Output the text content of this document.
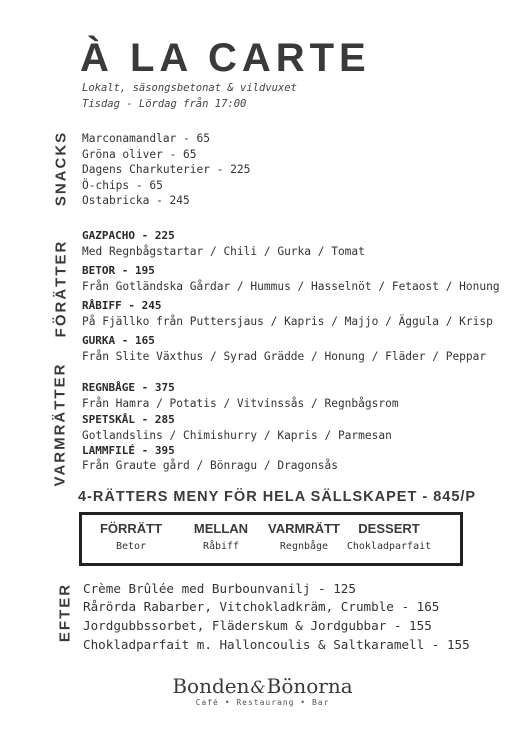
À LA CARTE
Lokalt, säsongsbetonat & vildvuxet
Tisdag - Lördag från 17:00
SNACKS Marconamandlar - 65
Gröna oliver - 65
Dagens Charkuterier - 225
Ö-chips - 65
Ostabricka - 245
FÖRÄTTER
GAZPACHO - 225
Med Regnbågstartar / Chili / Gurka / Tomat
BETOR - 195
Från Gotländska Gårdar / Hummus / Hasselnöt / Fetaost / Honung
RÅBIFF - 245
På Fjällko från Puttersjaus / Kapris / Majjo / Äggula / Krisp
GURKA - 165
Från Slite Växthus / Syrad Grädde / Honung / Fläder / Peppar
VARMRÄTTER REGNBÅGE - 375
Från Hamra / Potatis / Vitvinssås / Regnbågsrom
SPETSKÅL - 285
Gotlandslins / Chimishurry / Kapris / Parmesan
LAMMFILÉ - 395
Från Graute gård / Bönragu / Dragonsås
4-RÄTTERS MENY FÖR HELA SÄLLSKAPET - 845/P
FÖRRÄTT
Betor
MELLAN
Råbiff
VARMRÄTT
Regnbåge
DESSERT
Chokladparfait
EFTER Crème Brûlée med Burbounvanilj - 125
Rårörda Rabarber, Vitchokladkräm, Crumble - 165
Jordgubbssorbet, Fläderskum & Jordgubbar - 155
Chokladparfait m. Halloncoulis & Saltkaramell - 155
Bonden&Bönorna
Café • Restaurang • Bar
